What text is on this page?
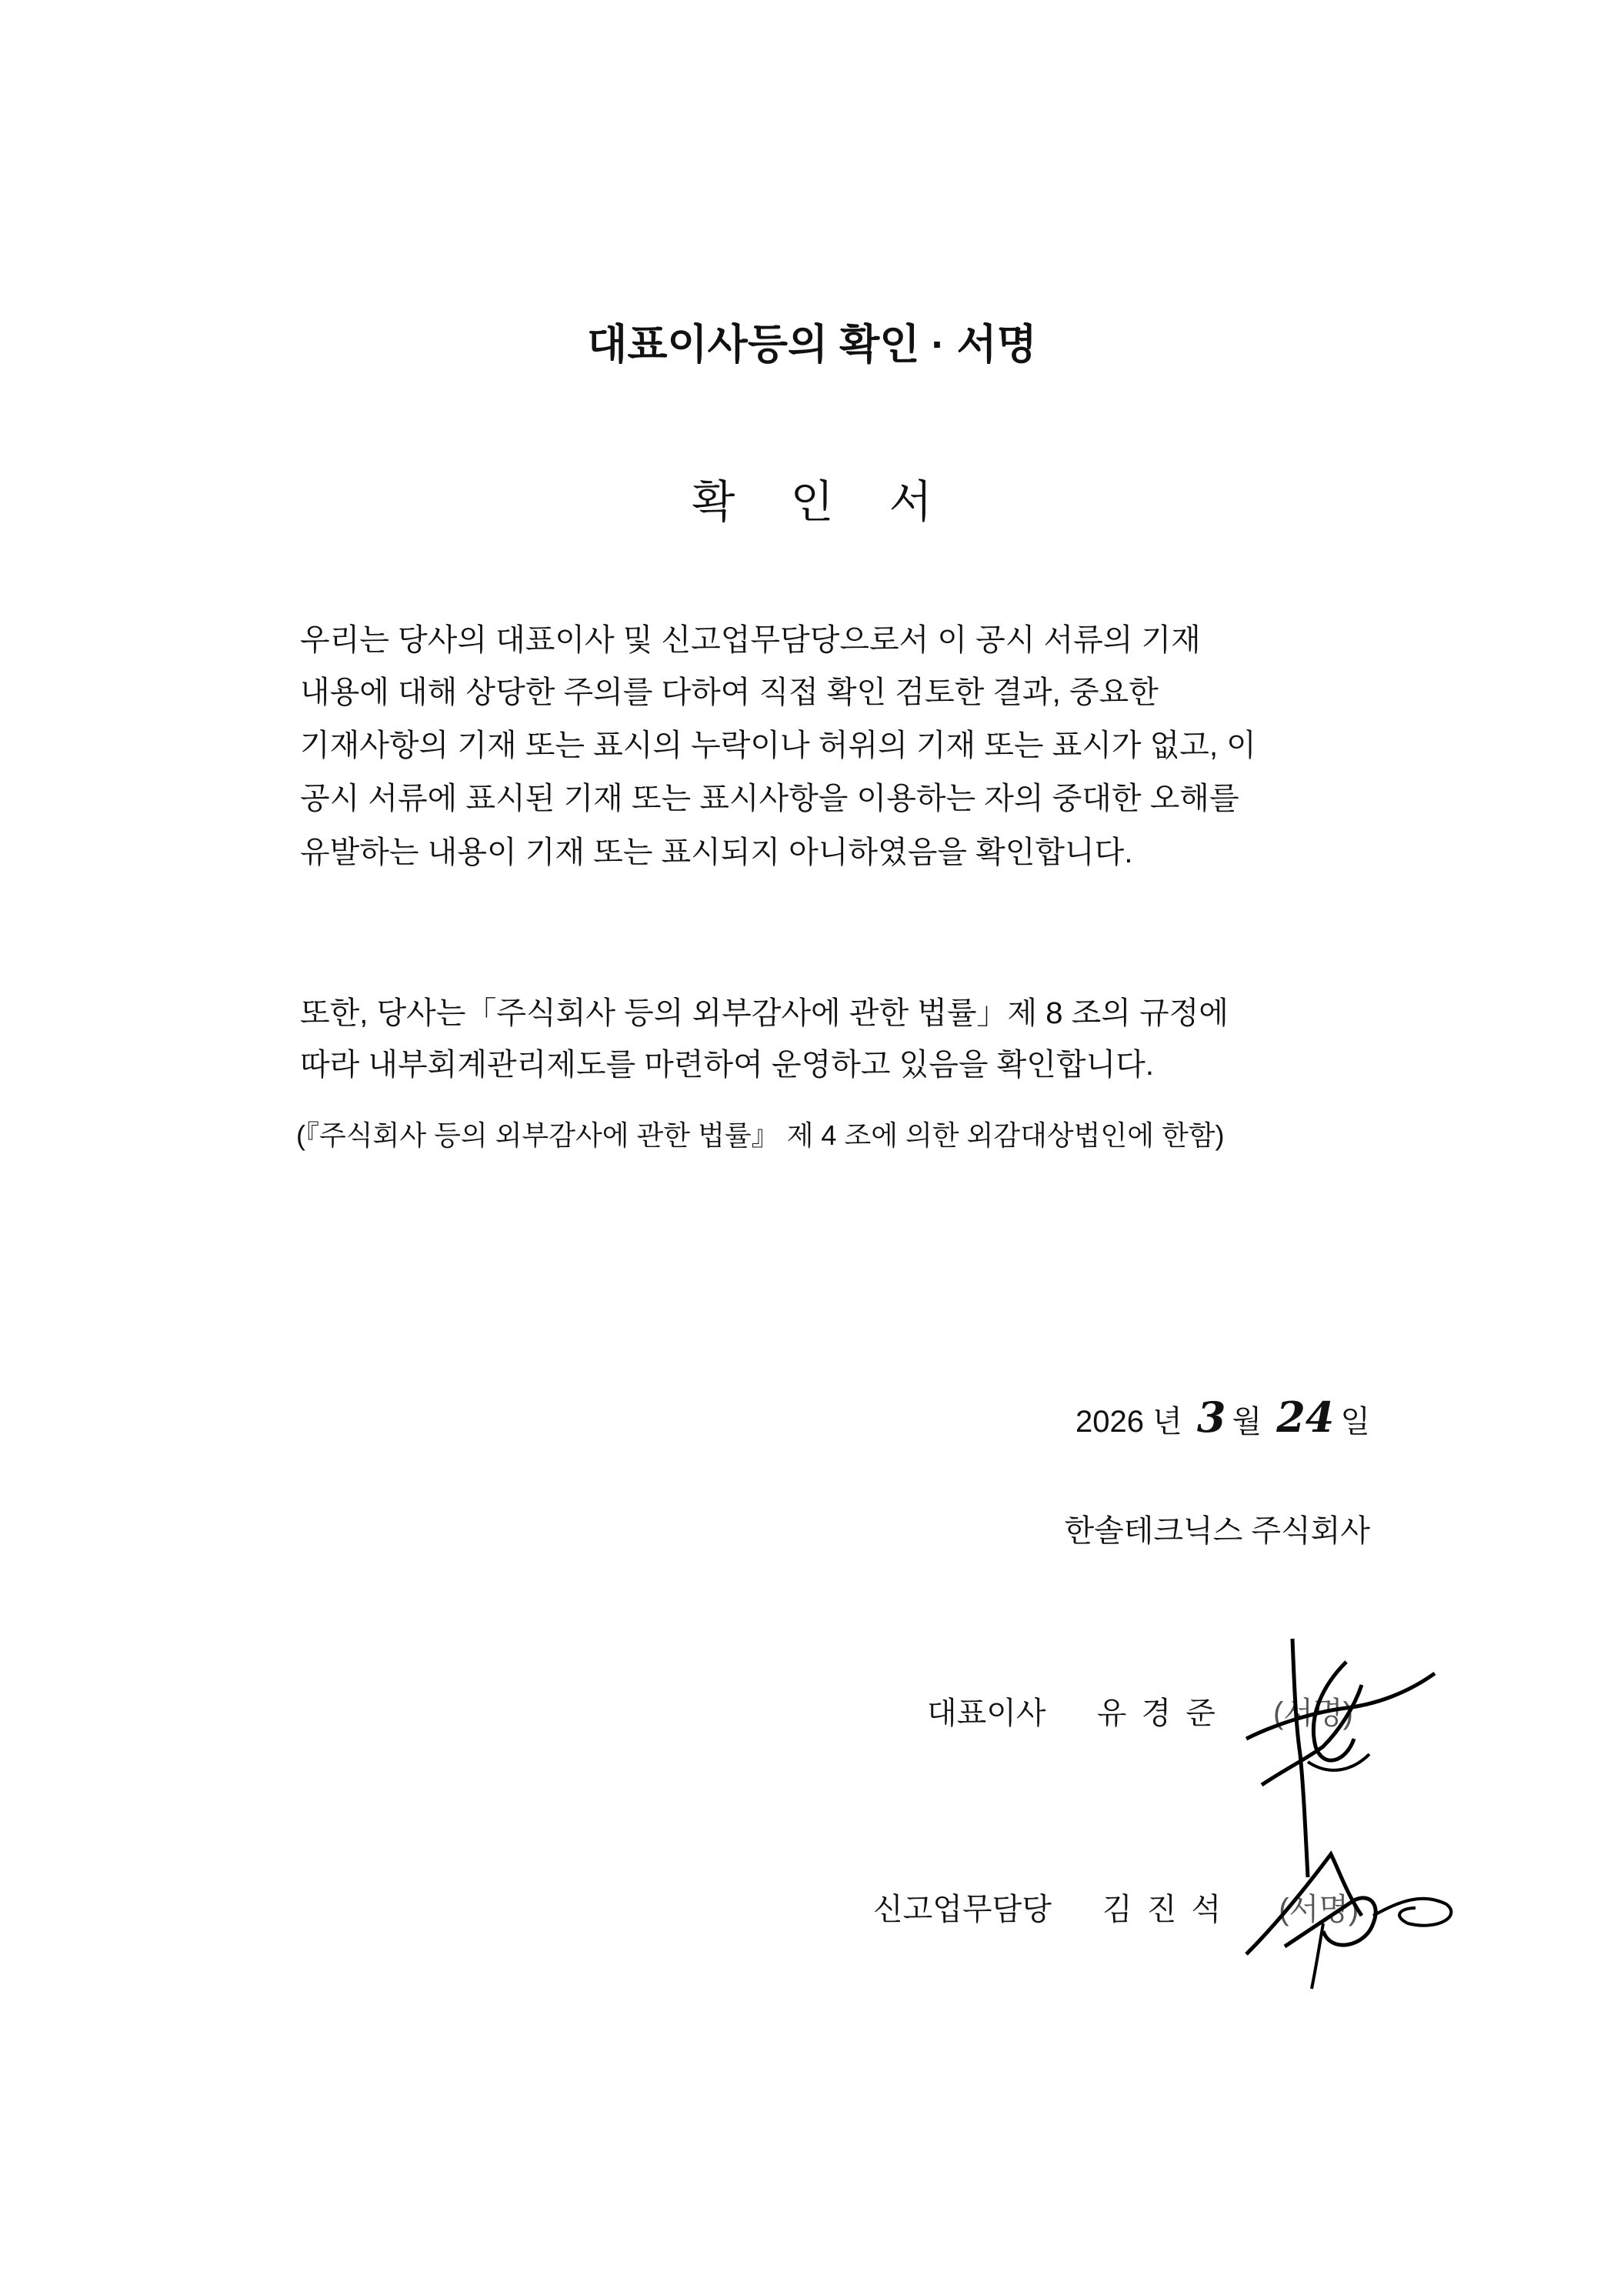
대표이사등의 확인 · 서명
확 인 서
우리는 당사의 대표이사 및 신고업무담당으로서 이 공시 서류의 기재
내용에 대해 상당한 주의를 다하여 직접 확인 검토한 결과, 중요한
기재사항의 기재 또는 표시의 누락이나 허위의 기재 또는 표시가 없고, 이
공시 서류에 표시된 기재 또는 표시사항을 이용하는 자의 중대한 오해를
유발하는 내용이 기재 또는 표시되지 아니하였음을 확인합니다.
또한, 당사는「주식회사 등의 외부감사에 관한 법률」제 8 조의 규정에
따라 내부회계관리제도를 마련하여 운영하고 있음을 확인합니다.
(『주식회사 등의 외부감사에 관한 법률』 제 4 조에 의한 외감대상법인에 한함)
2026 년 3 월 24 일
한솔테크닉스 주식회사
대표이사 유 경 준 (서명)
신고업무담당 김 진 석 (서명)
